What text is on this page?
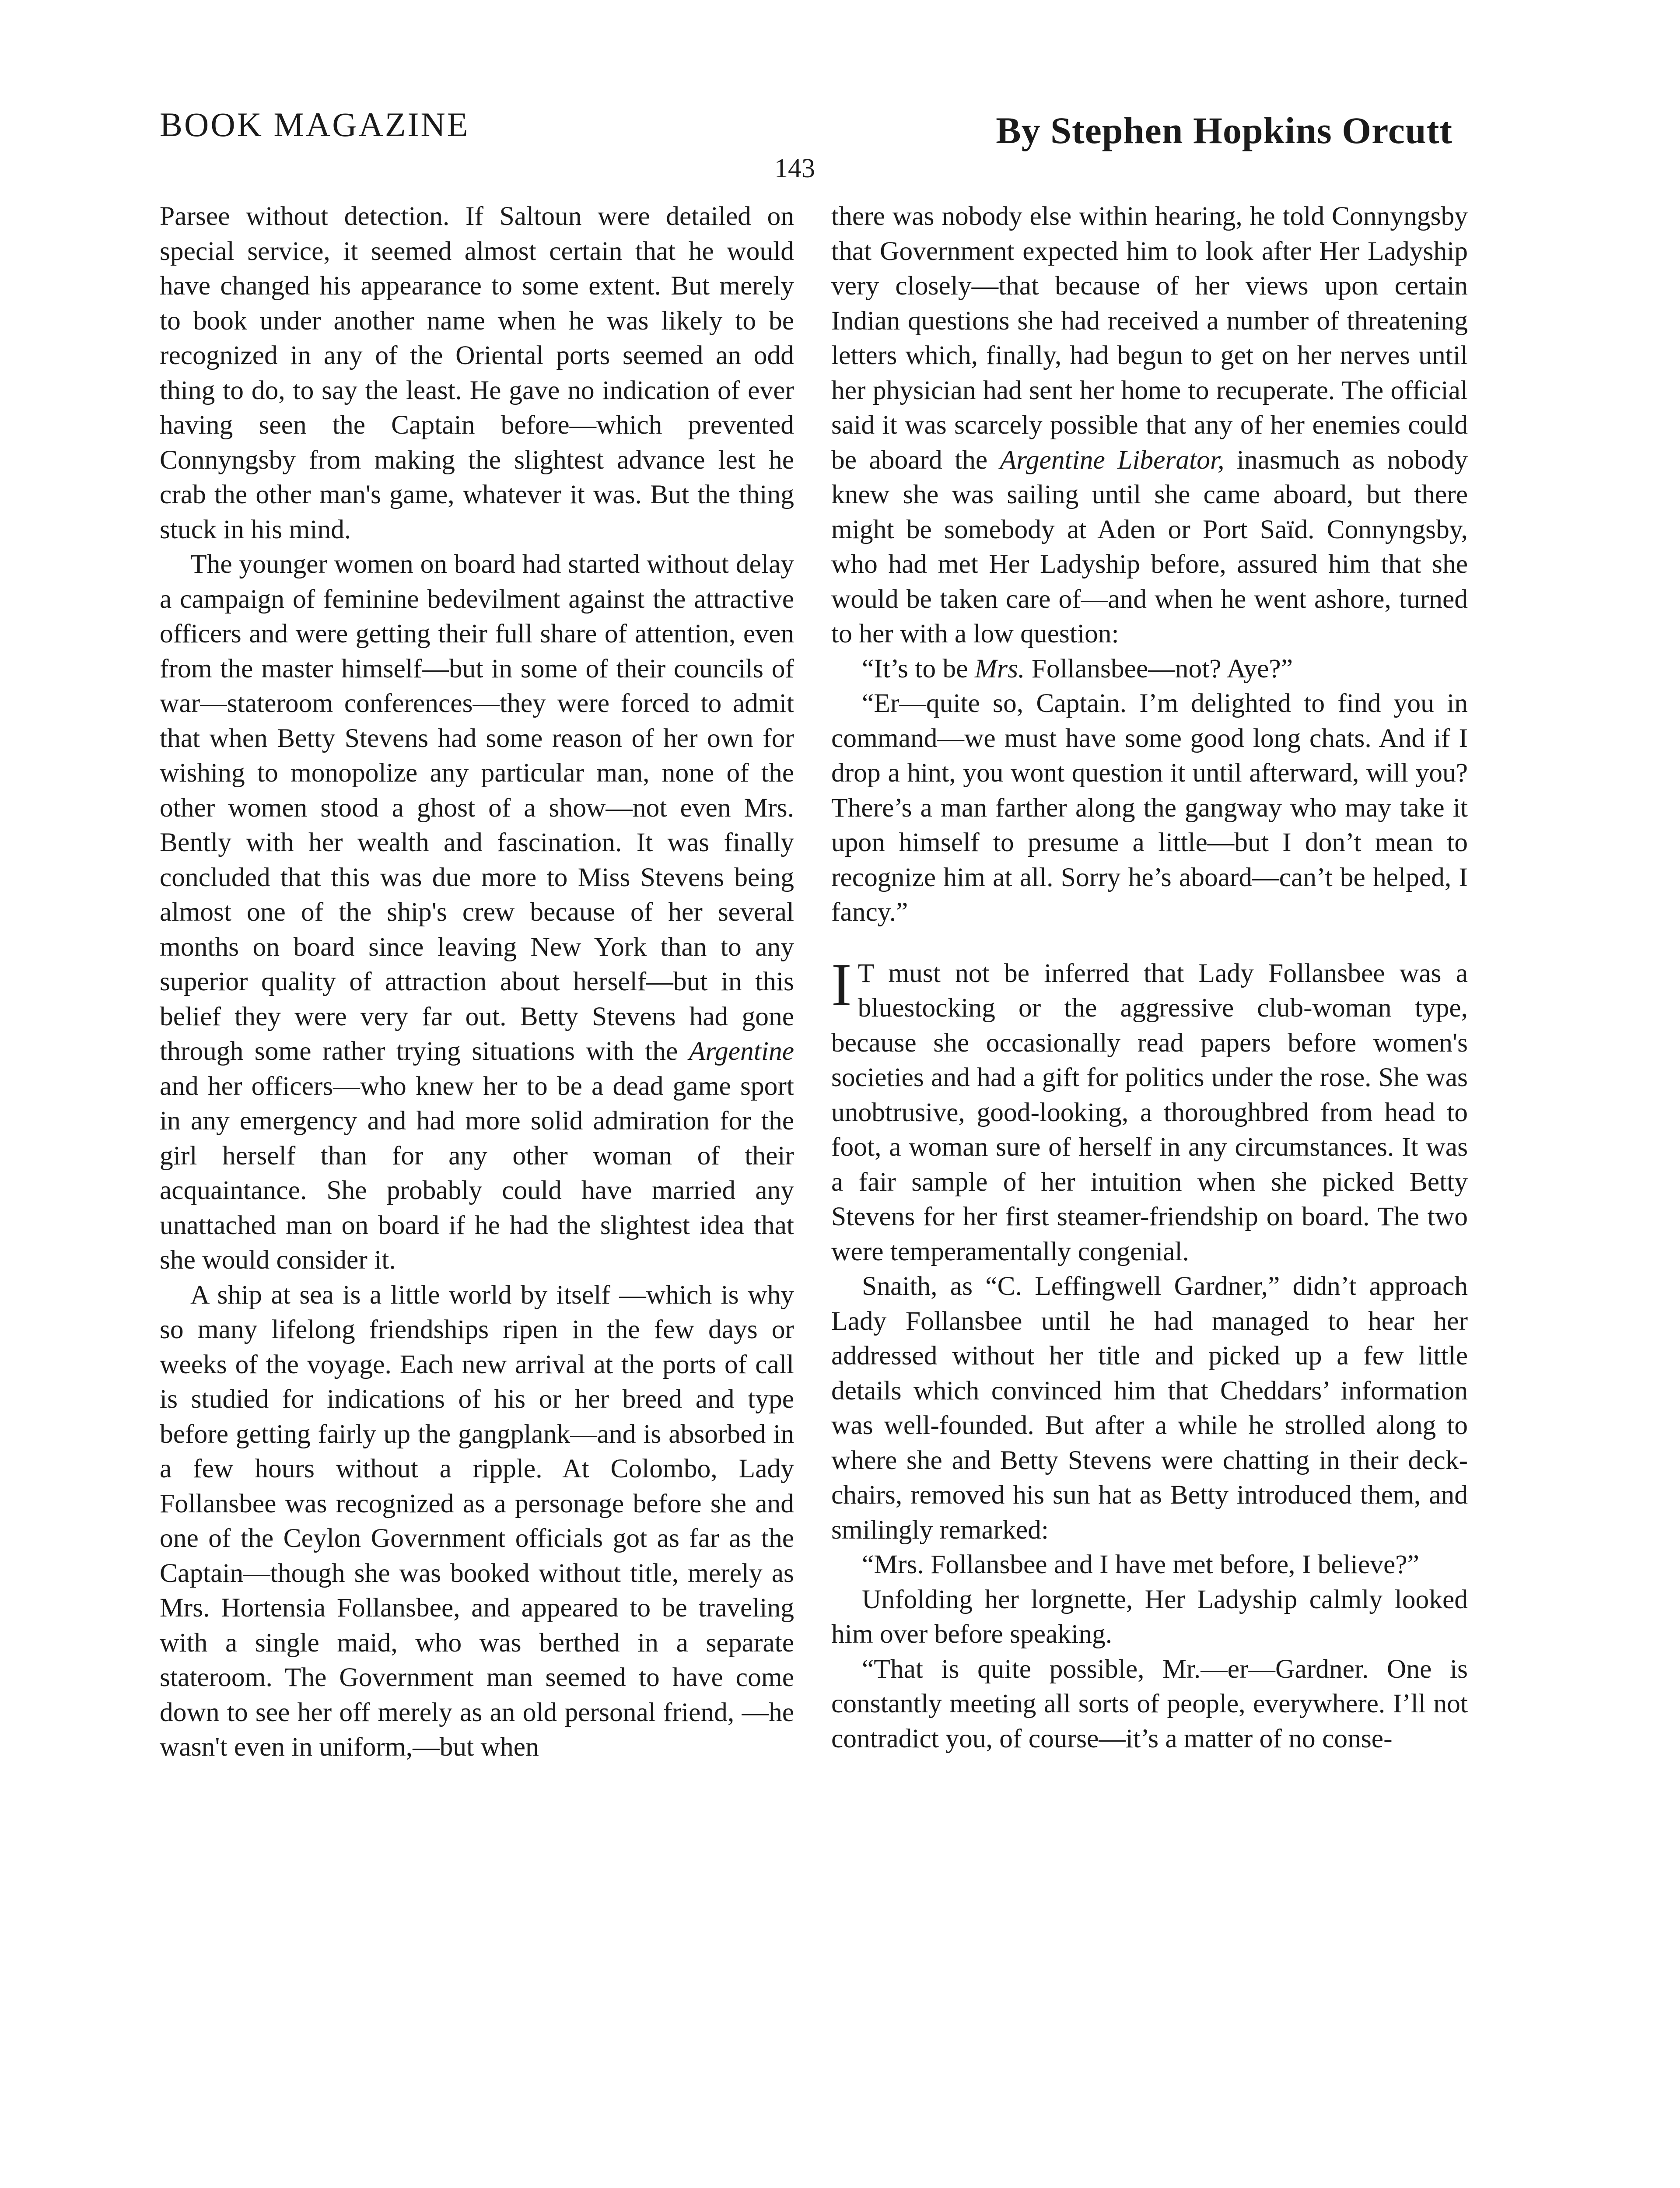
BOOK MAGAZINE	By Stephen Hopkins Orcutt
143

Parsee without detection. If Saltoun were detailed on special service, it seemed almost certain that he would have changed his appearance to some extent. But merely to book under another name when he was likely to be recognized in any of the Oriental ports seemed an odd thing to do, to say the least. He gave no indication of ever having seen the Captain before—which prevented Connyngsby from making the slightest advance lest he crab the other man's game, whatever it was. But the thing stuck in his mind.

The younger women on board had started without delay a campaign of feminine bedevilment against the attractive officers and were getting their full share of attention, even from the master himself—but in some of their councils of war—stateroom conferences—they were forced to admit that when Betty Stevens had some reason of her own for wishing to monopolize any particular man, none of the other women stood a ghost of a show—not even Mrs. Bently with her wealth and fascination. It was finally concluded that this was due more to Miss Stevens being almost one of the ship's crew because of her several months on board since leaving New York than to any superior quality of attraction about herself—but in this belief they were very far out. Betty Stevens had gone through some rather trying situations with the Argentine and her officers—who knew her to be a dead game sport in any emergency and had more solid admiration for the girl herself than for any other woman of their acquaintance. She probably could have married any unattached man on board if he had the slightest idea that she would consider it.

A ship at sea is a little world by itself —which is why so many lifelong friendships ripen in the few days or weeks of the voyage. Each new arrival at the ports of call is studied for indications of his or her breed and type before getting fairly up the gangplank—and is absorbed in a few hours without a ripple. At Colombo, Lady Follansbee was recognized as a personage before she and one of the Ceylon Government officials got as far as the Captain—though she was booked without title, merely as Mrs. Hortensia Follansbee, and appeared to be traveling with a single maid, who was berthed in a separate stateroom. The Government man seemed to have come down to see her off merely as an old personal friend, —he wasn't even in uniform,—but when

there was nobody else within hearing, he told Connyngsby that Government expected him to look after Her Ladyship very closely—that because of her views upon certain Indian questions she had received a number of threatening letters which, finally, had begun to get on her nerves until her physician had sent her home to recuperate. The official said it was scarcely possible that any of her enemies could be aboard the Argentine Liberator, inasmuch as nobody knew she was sailing until she came aboard, but there might be somebody at Aden or Port Saïd. Connyngsby, who had met Her Ladyship before, assured him that she would be taken care of—and when he went ashore, turned to her with a low question:

“It’s to be Mrs. Follansbee—not? Aye?”

“Er—quite so, Captain. I’m delighted to find you in command—we must have some good long chats. And if I drop a hint, you wont question it until afterward, will you? There’s a man farther along the gangway who may take it upon himself to presume a little—but I don’t mean to recognize him at all. Sorry he’s aboard—can’t be helped, I fancy.”

I T must not be inferred that Lady Follansbee was a bluestocking or the aggressive club-woman type, because she occasionally read papers before women's societies and had a gift for politics under the rose. She was unobtrusive, good-looking, a thoroughbred from head to foot, a woman sure of herself in any circumstances. It was a fair sample of her intuition when she picked Betty Stevens for her first steamer-friendship on board. The two were temperamentally congenial.

Snaith, as “C. Leffingwell Gardner,” didn’t approach Lady Follansbee until he had managed to hear her addressed without her title and picked up a few little details which convinced him that Cheddars’ information was well-founded. But after a while he strolled along to where she and Betty Stevens were chatting in their deck-chairs, removed his sun hat as Betty introduced them, and smilingly remarked:

“Mrs. Follansbee and I have met before, I believe?”

Unfolding her lorgnette, Her Ladyship calmly looked him over before speaking.

“That is quite possible, Mr.—er—Gardner. One is constantly meeting all sorts of people, everywhere. I’ll not contradict you, of course—it’s a matter of no conse-
